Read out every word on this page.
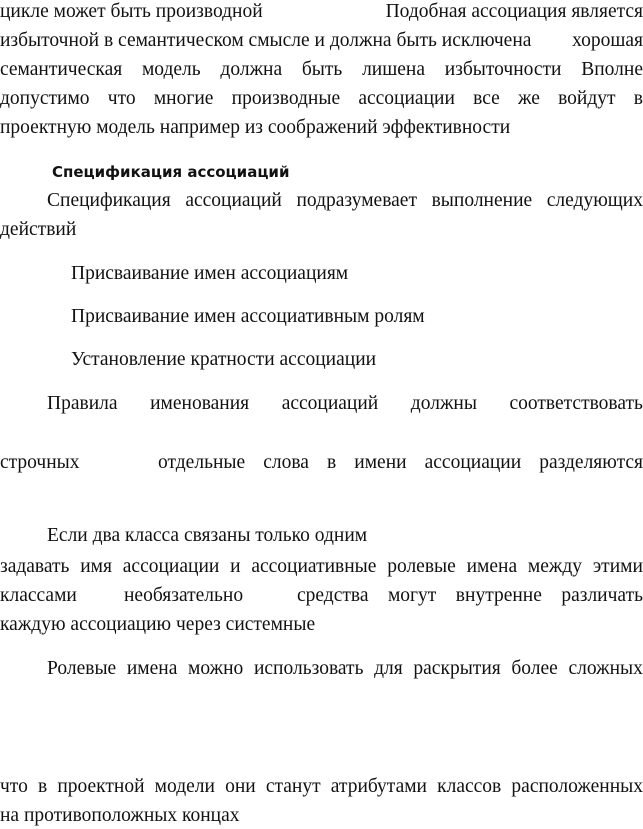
цикле может быть производной	Подобная ассоциация является
избыточной в семантическом смысле и должна быть исключена хорошая
семантическая модель должна быть лишена избыточности Вполне
допустимо что многие производные ассоциации все же войдут в
проектную модель например из соображений эффективности
Спецификация ассоциаций
Спецификация ассоциаций подразумевает выполнение следующих
действий
Присваивание имен ассоциациям
Присваивание имен ассоциативным ролям
Установление кратности ассоциации
Правила именования ассоциаций должны соответствовать
строчных	отдельные слова в имени ассоциации разделяются
Если два класса связаны только одним
задавать имя ассоциации и ассоциативные ролевые имена между этими
классами необязательно	средства могут внутренне различать
каждую ассоциацию через системные
Ролевые имена можно использовать для раскрытия более сложных
что в проектной модели они станут атрибутами классов расположенных
на противоположных концах
